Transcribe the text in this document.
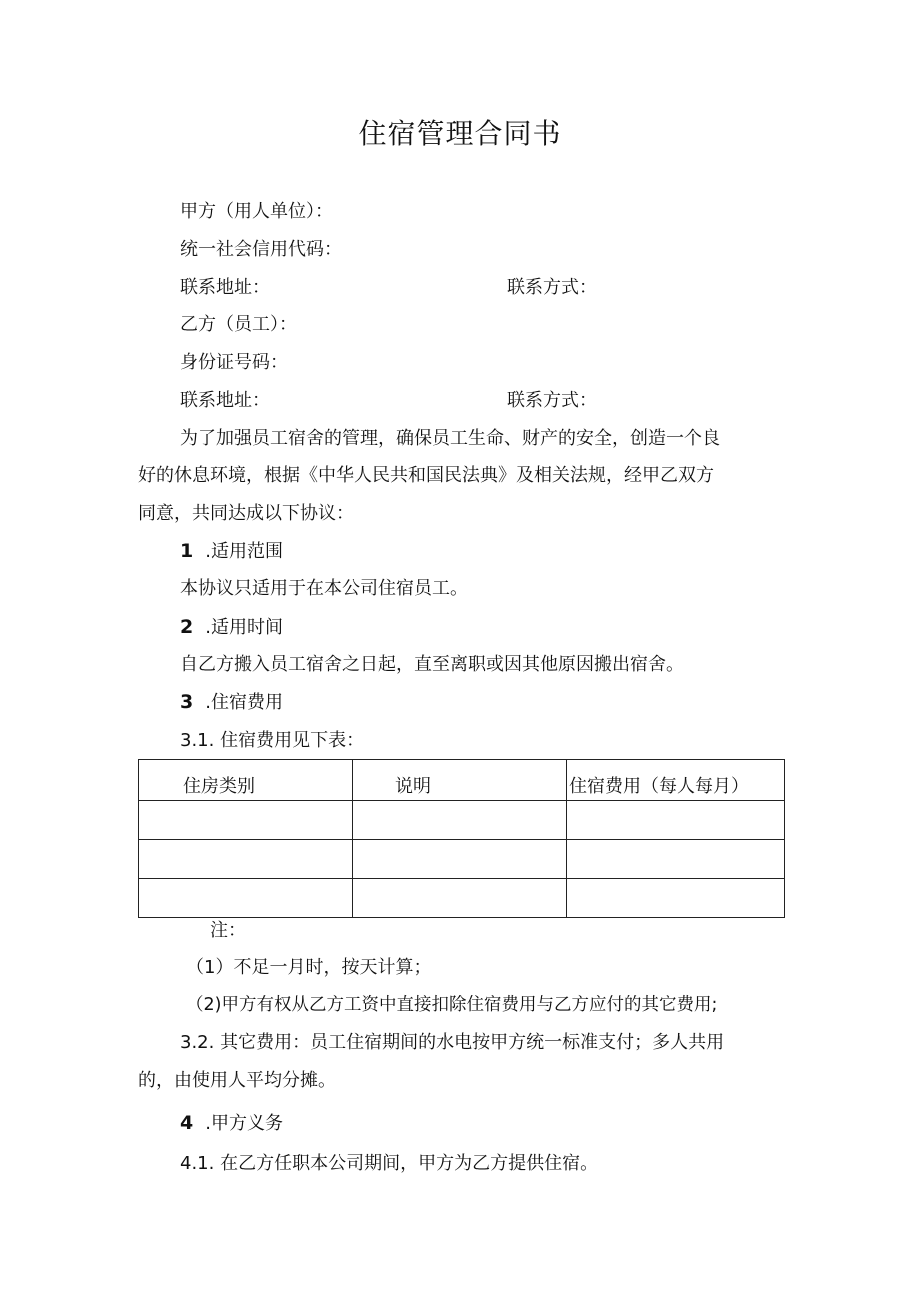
住宿管理合同书
甲方（用人单位）：
统一社会信用代码：
联系地址：	联系方式：
乙方（员工）：
身份证号码：
联系地址：	联系方式：
为了加强员工宿舍的管理，确保员工生命、财产的安全，创造一个良
好的休息环境，根据《中华人民共和国民法典》及相关法规，经甲乙双方
同意，共同达成以下协议：
1 .适用范围
本协议只适用于在本公司住宿员工。
2 .适用时间
自乙方搬入员工宿舍之日起，直至离职或因其他原因搬出宿舍。
3 .住宿费用
3.1. 住宿费用见下表：
住房类别	说明	住宿费用（每人每月）

注：
（1）不足一月时，按天计算；
（2)甲方有权从乙方工资中直接扣除住宿费用与乙方应付的其它费用;
3.2. 其它费用：员工住宿期间的水电按甲方统一标准支付；多人共用
的，由使用人平均分摊。
4 .甲方义务
4.1. 在乙方任职本公司期间，甲方为乙方提供住宿。
